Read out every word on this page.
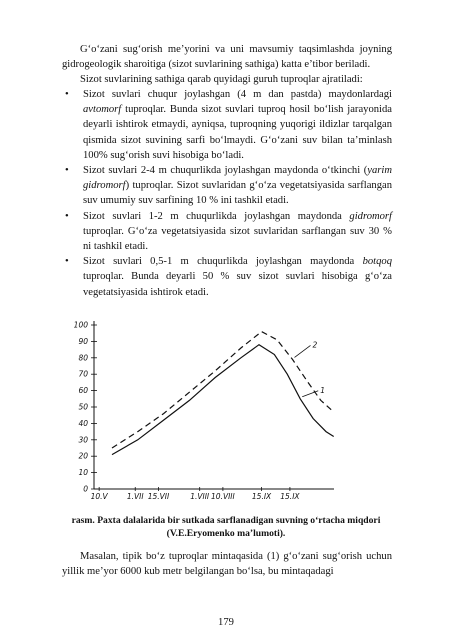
G‘o‘zani sug‘orish me’yorini va uni mavsumiy taqsimlashda joyning gidrogeologik sharoitiga (sizot suvlarining sathiga) katta e’tibor beriladi.

Sizot suvlarining sathiga qarab quyidagi guruh tuproqlar ajratiladi:

• Sizot suvlari chuqur joylashgan (4 m dan pastda) maydonlardagi avtomorf tuproqlar. Bunda sizot suvlari tuproq hosil bo‘lish jarayonida deyarli ishtirok etmaydi, ayniqsa, tuproqning yuqorigi ildizlar tarqalgan qismida sizot suvining sarfi bo‘lmaydi. G‘o‘zani suv bilan ta’minlash 100% sug‘orish suvi hisobiga bo‘ladi.
• Sizot suvlari 2-4 m chuqurlikda joylashgan maydonda o‘tkinchi (yarim gidromorf) tuproqlar. Sizot suvlaridan g‘o‘za vegetatsiyasida sarflangan suv umumiy suv sarfining 10 % ini tashkil etadi.
• Sizot suvlari 1-2 m chuqurlikda joylashgan maydonda gidromorf tuproqlar. G‘o‘za vegetatsiyasida sizot suvlaridan sarflangan suv 30 % ni tashkil etadi.
• Sizot suvlari 0,5-1 m chuqurlikda joylashgan maydonda botqoq tuproqlar. Bunda deyarli 50 % suv sizot suvlari hisobiga g‘o‘za vegetatsiyasida ishtirok etadi.
0
10
20
30
40
50
60
70
80
90
100
10.V	1.VII 15.VII	1.VIII 10.VIII 15.IX 15.IX
1
2

rasm. Paxta dalalarida bir sutkada sarflanadigan suvning o‘rtacha miqdori (V.E.Eryomenko ma’lumoti).

Masalan, tipik bo‘z tuproqlar mintaqasida (1) g‘o‘zani sug‘orish uchun yillik me’yor 6000 kub metr belgilangan bo‘lsa, bu mintaqadagi

179
